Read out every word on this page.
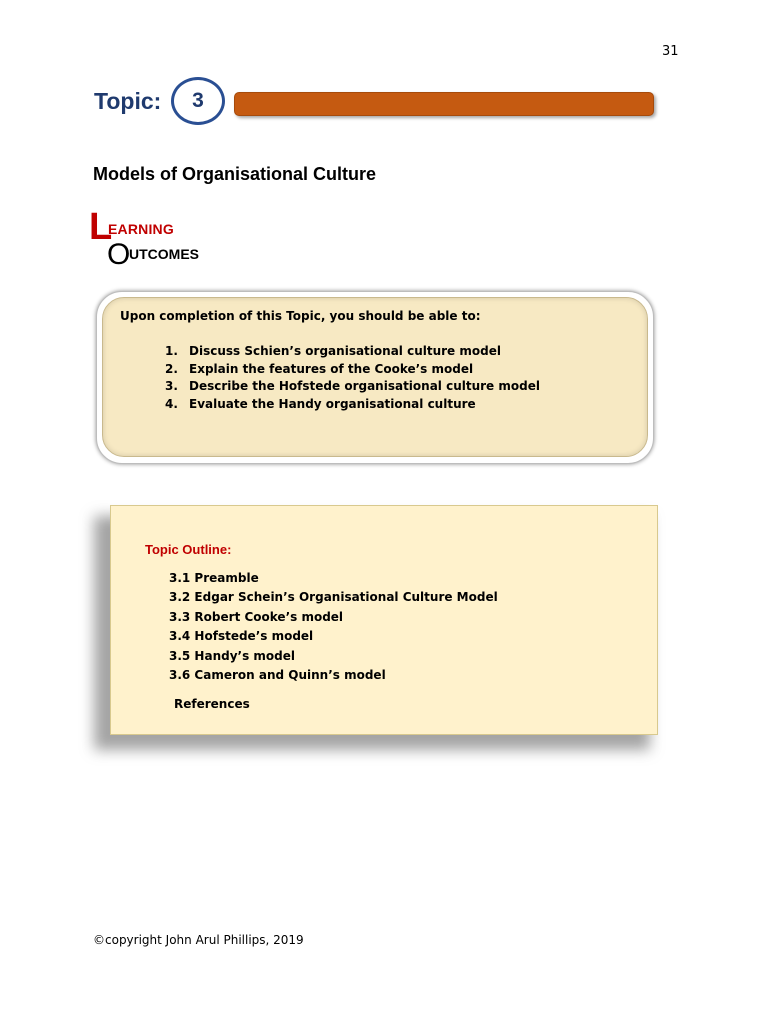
31
Topic:	3
Models of Organisational Culture
L
EARNING
O
UTCOMES
Upon completion of this Topic, you should be able to:
1. Discuss Schien’s organisational culture model
2. Explain the features of the Cooke’s model
3. Describe the Hofstede organisational culture model
4. Evaluate the Handy organisational culture
Topic Outline:
3.1 Preamble
3.2 Edgar Schein’s Organisational Culture Model
3.3 Robert Cooke’s model
3.4 Hofstede’s model
3.5 Handy’s model
3.6 Cameron and Quinn’s model
References
©copyright John Arul Phillips, 2019
